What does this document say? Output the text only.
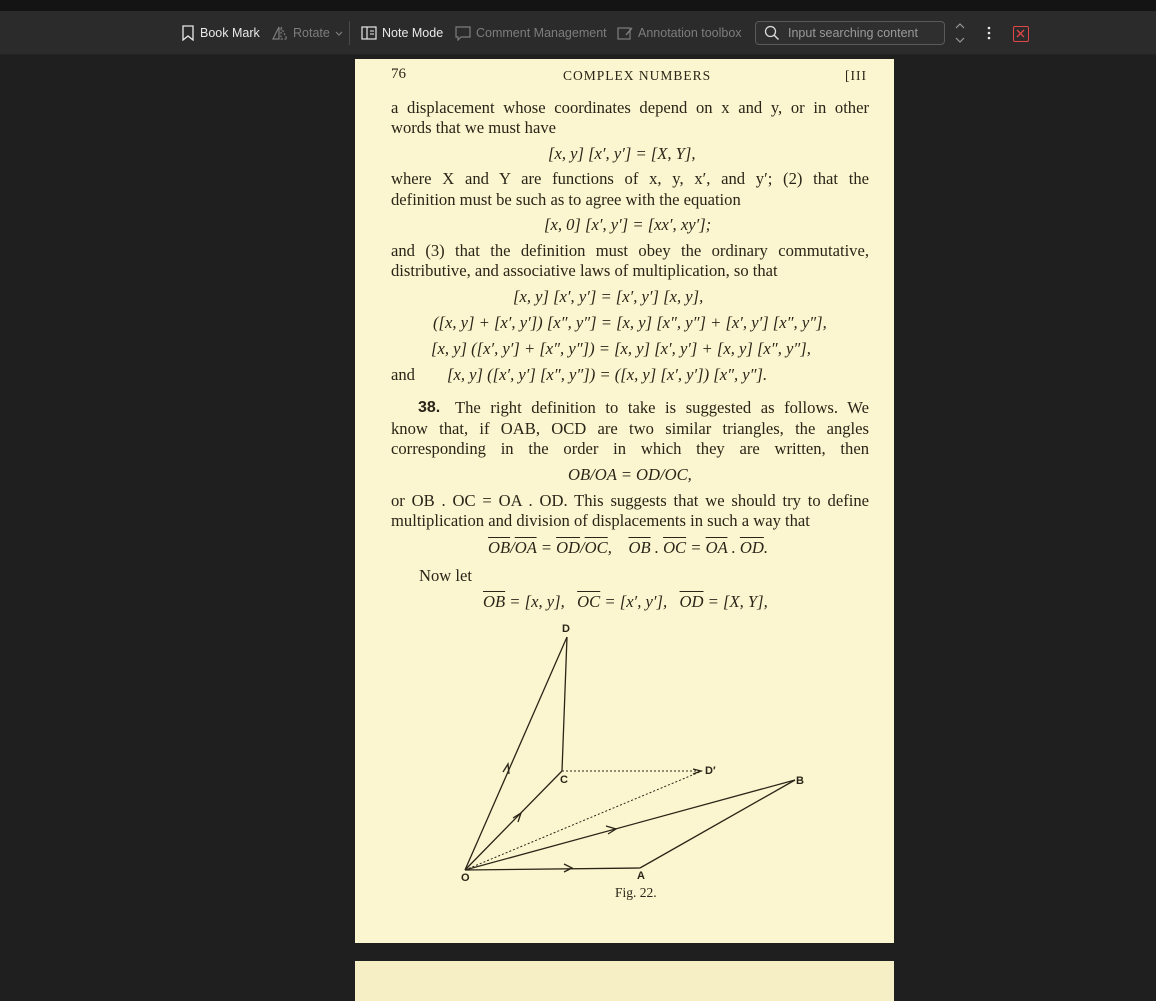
Book Mark	Rotate	Note Mode	Comment Management	Annotation toolbox
Input searching content
76	COMPLEX NUMBERS	[III
a displacement whose coordinates depend on x and y, or in other
words that we must have
[x, y] [x′, y′] = [X, Y],
where X and Y are functions of x, y, x′, and y′; (2) that the
definition must be such as to agree with the equation
[x, 0] [x′, y′] = [xx′, xy′];
and (3) that the definition must obey the ordinary commutative,
distributive, and associative laws of multiplication, so that
[x, y] [x′, y′] = [x′, y′] [x, y],
([x, y] + [x′, y′]) [x″, y″] = [x, y] [x″, y″] + [x′, y′] [x″, y″],
[x, y] ([x′, y′] + [x″, y″]) = [x, y] [x′, y′] + [x, y] [x″, y″],
and [x, y] ([x′, y′] [x″, y″]) = ([x, y] [x′, y′]) [x″, y″].
38. The right definition to take is suggested as follows. We
know that, if OAB, OCD are two similar triangles, the angles
corresponding in the order in which they are written, then
OB/OA = OD/OC,
or OB . OC = OA . OD. This suggests that we should try to define
multiplication and division of displacements in such a way that
$\overline{OB}/\overline{OA} = \overline{OD}/\overline{OC}$,    $\overline{OB}$ . $\overline{OC} = \overline{OA}$ . $\overline{OD}$.
Now let
$\overline{OB} = [x$, y], $\overline{OC} = [x'$, y′], $\overline{OD} = [X$, Y],
D
D′
C	B
O	A
Fig. 22.
